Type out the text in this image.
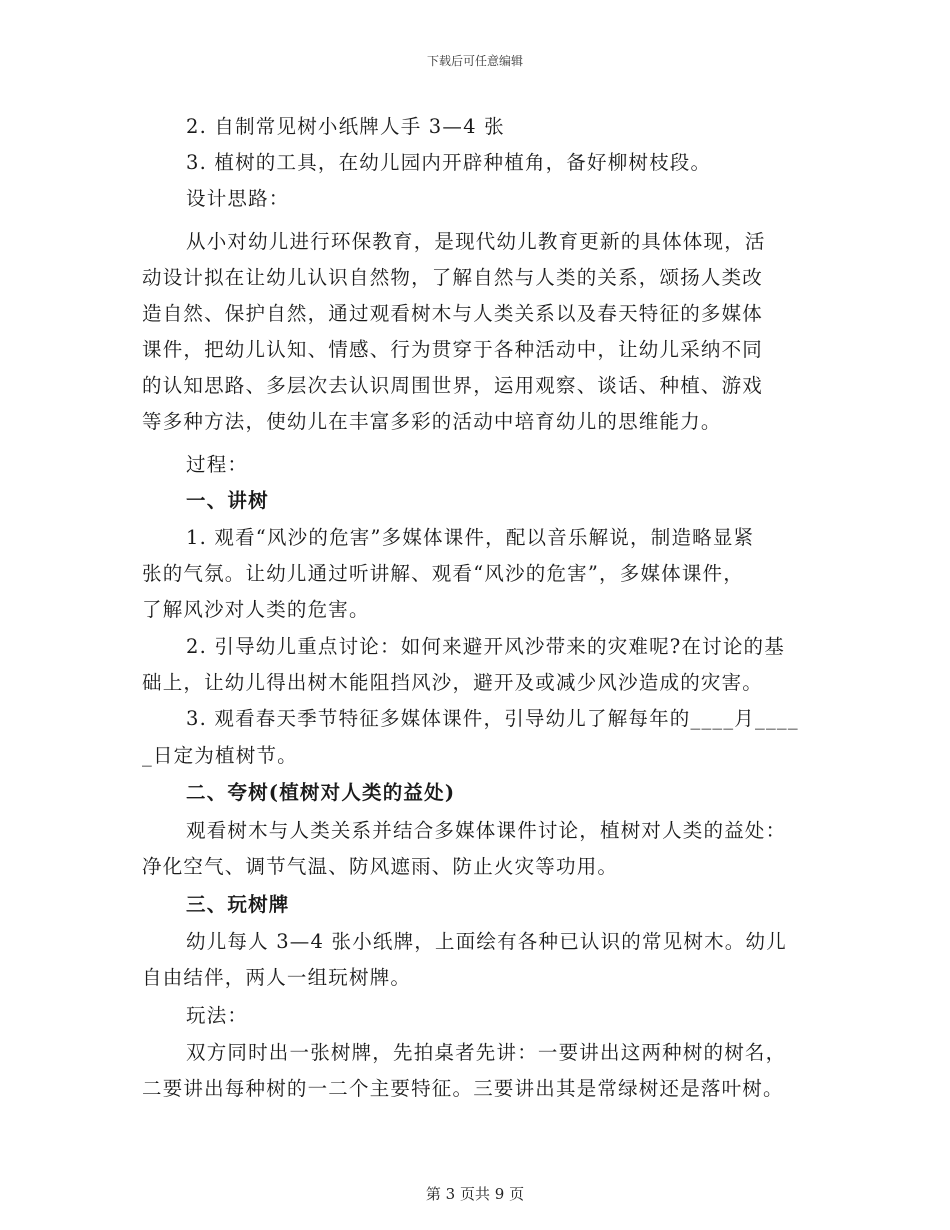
下载后可任意编辑
2. 自制常见树小纸牌人手 3—4 张
3. 植树的工具，在幼儿园内开辟种植角，备好柳树枝段。
设计思路：
从小对幼儿进行环保教育，是现代幼儿教育更新的具体体现，活
动设计拟在让幼儿认识自然物，了解自然与人类的关系，颂扬人类改
造自然、保护自然，通过观看树木与人类关系以及春天特征的多媒体
课件，把幼儿认知、情感、行为贯穿于各种活动中，让幼儿采纳不同
的认知思路、多层次去认识周围世界，运用观察、谈话、种植、游戏
等多种方法，使幼儿在丰富多彩的活动中培育幼儿的思维能力。
过程：
一、讲树
1. 观看“风沙的危害”多媒体课件，配以音乐解说，制造略显紧
张的气氛。让幼儿通过听讲解、观看“风沙的危害”，多媒体课件，
了解风沙对人类的危害。
2. 引导幼儿重点讨论：如何来避开风沙带来的灾难呢?在讨论的基
础上，让幼儿得出树木能阻挡风沙，避开及或减少风沙造成的灾害。
3. 观看春天季节特征多媒体课件，引导幼儿了解每年的____月____
_日定为植树节。
二、夸树(植树对人类的益处)
观看树木与人类关系并结合多媒体课件讨论，植树对人类的益处：
净化空气、调节气温、防风遮雨、防止火灾等功用。
三、玩树牌
幼儿每人 3—4 张小纸牌，上面绘有各种已认识的常见树木。幼儿
自由结伴，两人一组玩树牌。
玩法：
双方同时出一张树牌，先拍桌者先讲：一要讲出这两种树的树名，
二要讲出每种树的一二个主要特征。三要讲出其是常绿树还是落叶树。
第 3 页共 9 页
